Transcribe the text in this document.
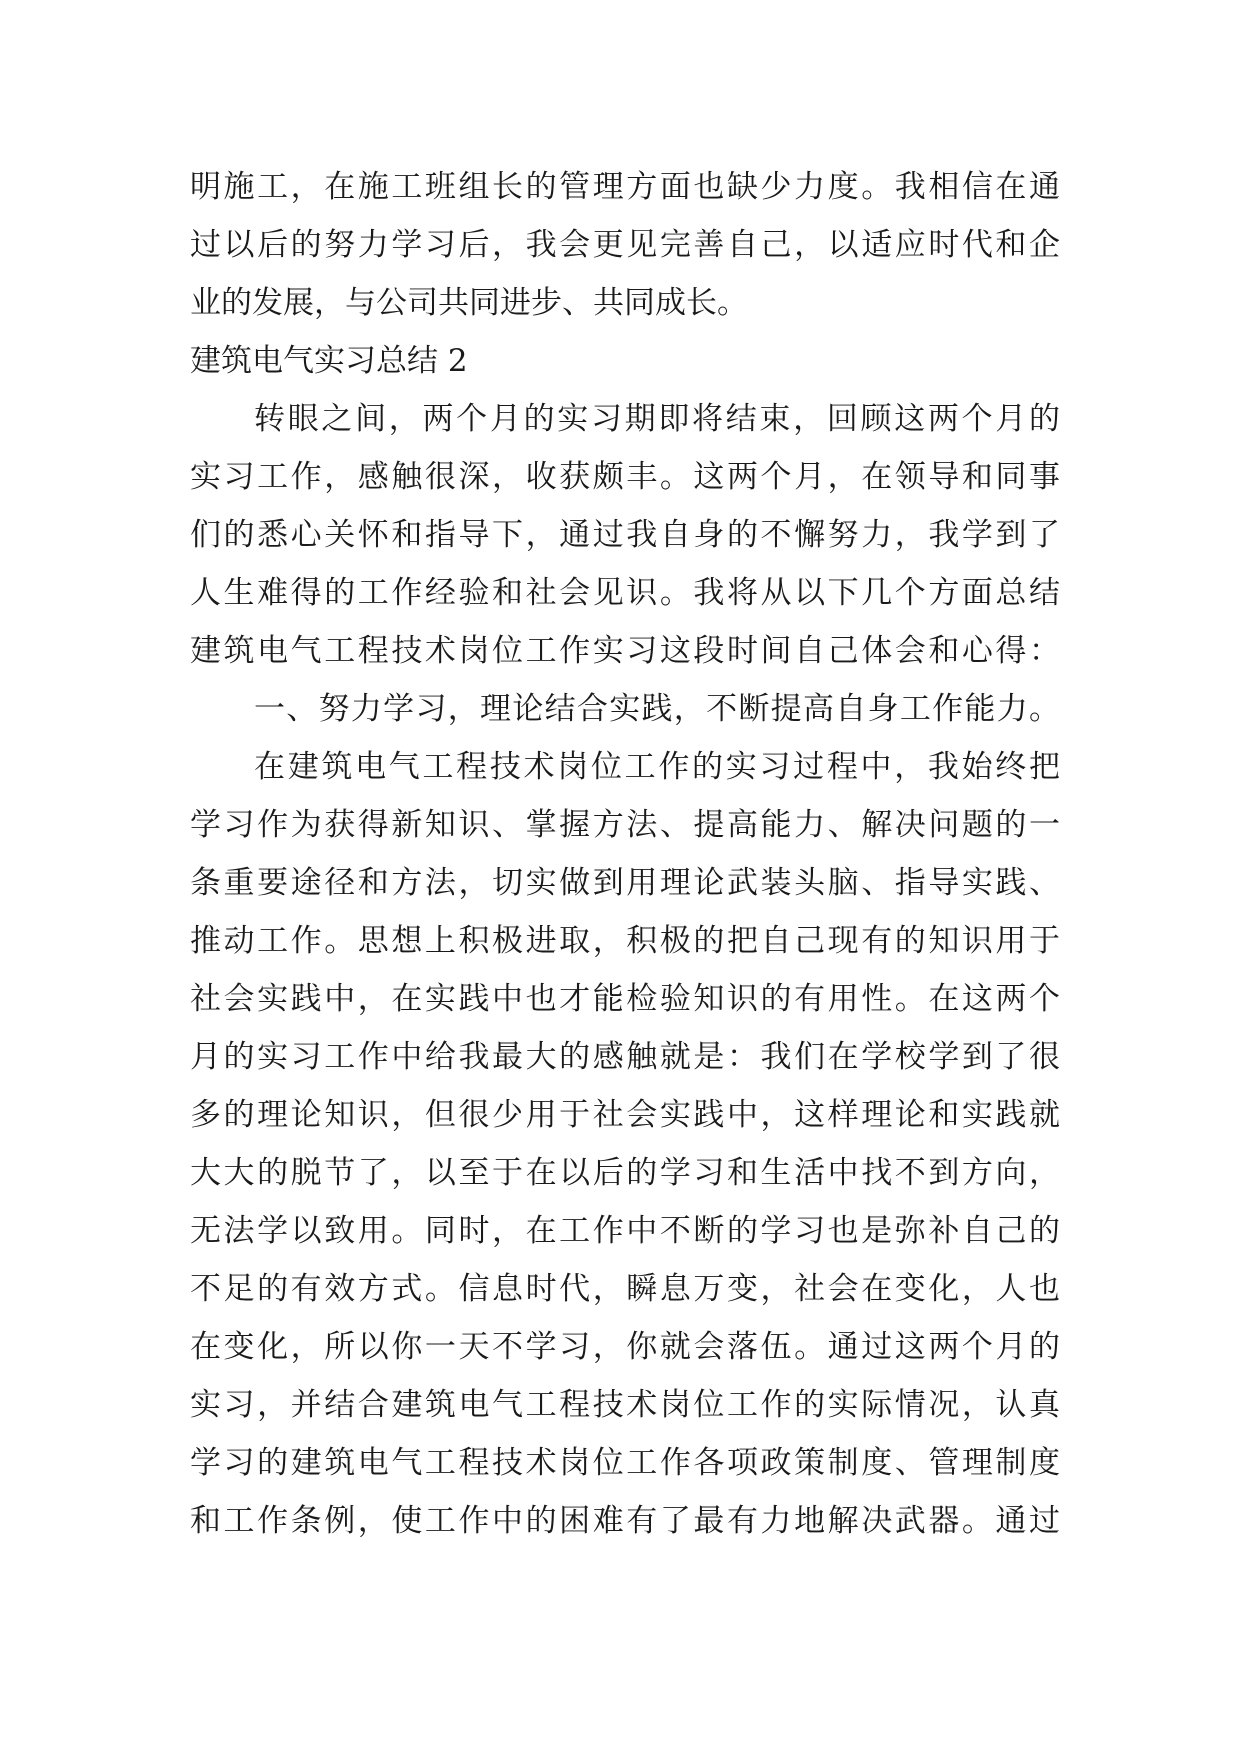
明施工，在施工班组长的管理方面也缺少力度。我相信在通
过以后的努力学习后，我会更见完善自己，以适应时代和企
业的发展，与公司共同进步、共同成长。
建筑电气实习总结 2
转眼之间，两个月的实习期即将结束，回顾这两个月的
实习工作，感触很深，收获颇丰。这两个月，在领导和同事
们的悉心关怀和指导下，通过我自身的不懈努力，我学到了
人生难得的工作经验和社会见识。我将从以下几个方面总结
建筑电气工程技术岗位工作实习这段时间自己体会和心得：
一、努力学习，理论结合实践，不断提高自身工作能力。
在建筑电气工程技术岗位工作的实习过程中，我始终把
学习作为获得新知识、掌握方法、提高能力、解决问题的一
条重要途径和方法，切实做到用理论武装头脑、指导实践、
推动工作。思想上积极进取，积极的把自己现有的知识用于
社会实践中，在实践中也才能检验知识的有用性。在这两个
月的实习工作中给我最大的感触就是：我们在学校学到了很
多的理论知识，但很少用于社会实践中，这样理论和实践就
大大的脱节了，以至于在以后的学习和生活中找不到方向，
无法学以致用。同时，在工作中不断的学习也是弥补自己的
不足的有效方式。信息时代，瞬息万变，社会在变化，人也
在变化，所以你一天不学习，你就会落伍。通过这两个月的
实习，并结合建筑电气工程技术岗位工作的实际情况，认真
学习的建筑电气工程技术岗位工作各项政策制度、管理制度
和工作条例，使工作中的困难有了最有力地解决武器。通过
